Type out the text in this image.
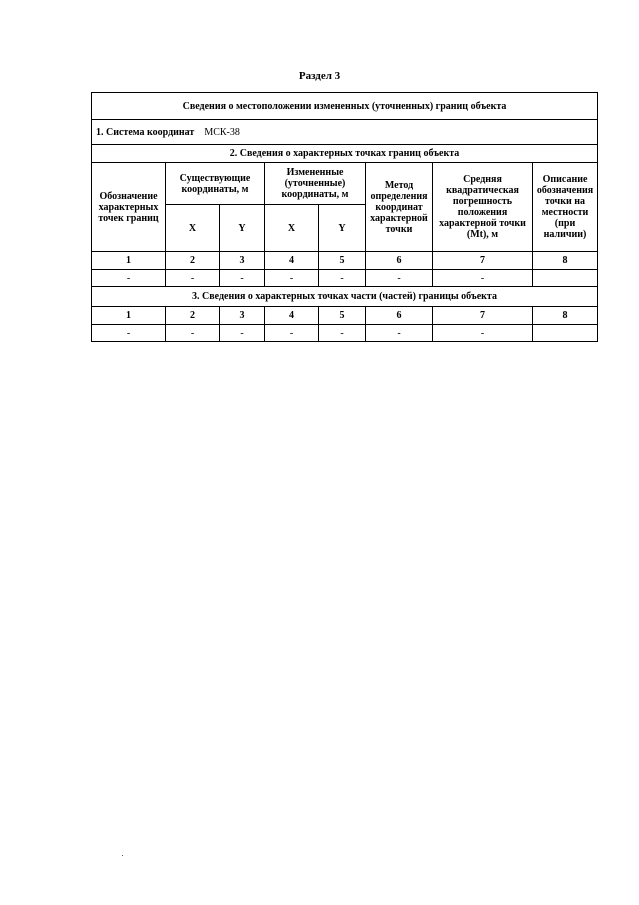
Раздел 3
Сведения о местоположении измененных (уточненных) границ объекта							
1. Система координат МСК-38							
2. Сведения о характерных точках границ объекта							
Обозначение характерных точек границ	Существующие координаты, м		Измененные (уточненные) координаты, м		Метод определения координат характерной точки	Средняя квадратическая погрешность положения характерной точки (Mt), м	Описание обозначения точки на местности (при наличии)
	X	Y	X	Y			
1	2	3	4	5	6	7	8
-	-	-	-	-	-	-	
3. Сведения о характерных точках части (частей) границы объекта							
1	2	3	4	5	6	7	8
-	-	-	-	-	-	-	
